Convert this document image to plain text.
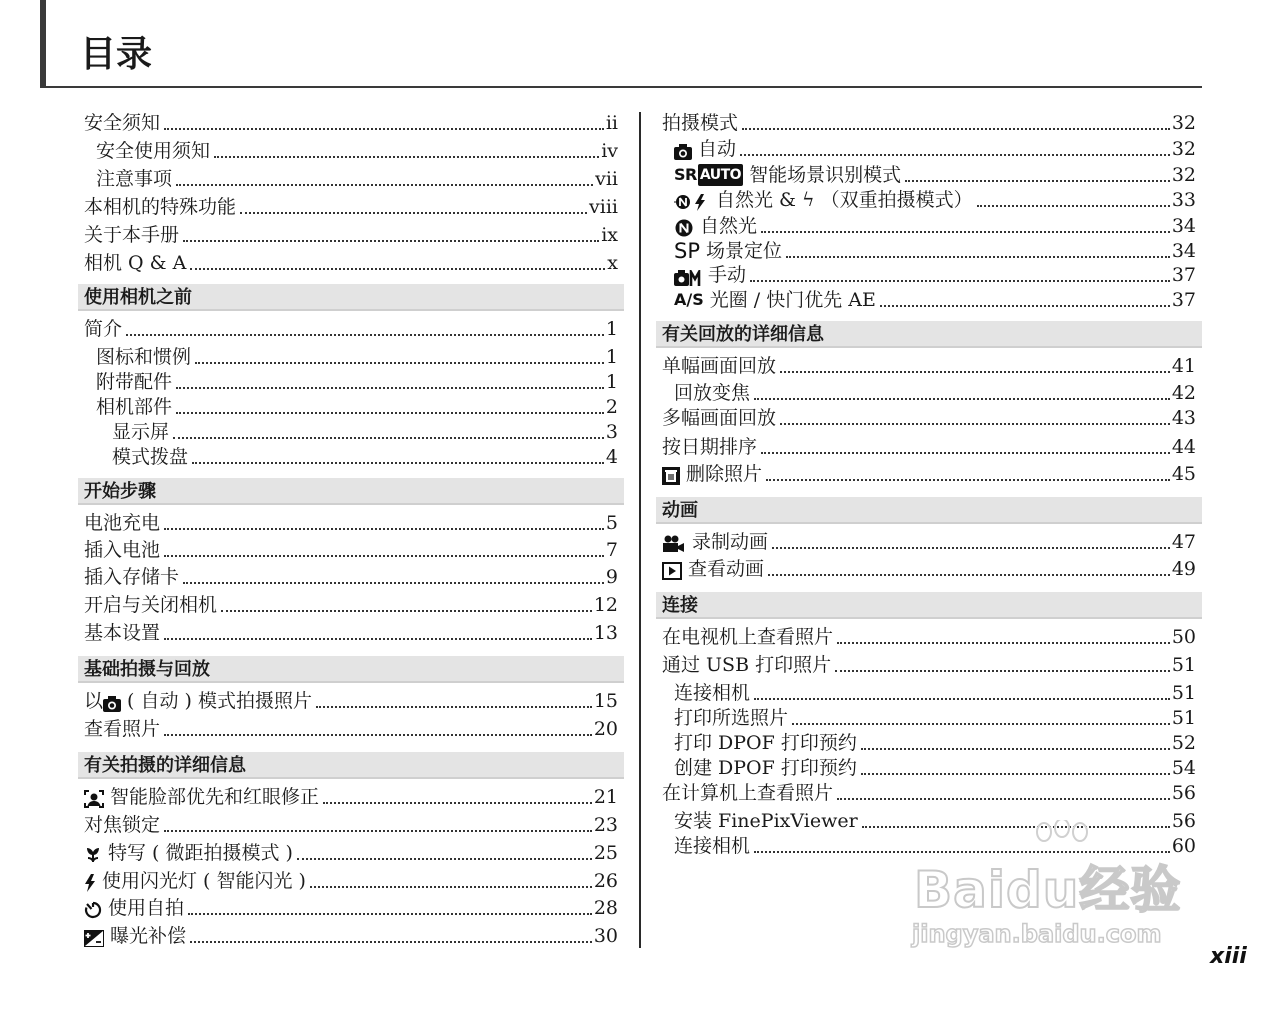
目录
安全须知	ii
安全使用须知	iv
注意事项	vii
本相机的特殊功能	viii
关于本手册	ix
相机 Q & A	x
使用相机之前
简介	1
图标和惯例	1
附带配件	1
相机部件	2
显示屏	3
模式拨盘	4
开始步骤
电池充电	5
插入电池	7
插入存储卡	9
开启与关闭相机	12
基本设置	13
基础拍摄与回放
以 ( 自动 ) 模式拍摄照片	15
查看照片	20
有关拍摄的详细信息
智能脸部优先和红眼修正	21
对焦锁定	23
特写 ( 微距拍摄模式 )	25
使用闪光灯 ( 智能闪光 )	26
使用自拍	28
曝光补偿	30
拍摄模式	32
自动	32
SR AUTO 智能场景识别模式	32
自然光 & ϟ （双重拍摄模式）	33
自然光	34
SP 场景定位	34
手动	37
A/S 光圈 / 快门优先 AE	37
有关回放的详细信息
单幅画面回放	41
回放变焦	42
多幅画面回放	43
按日期排序	44
删除照片	45
动画
录制动画	47
查看动画	49
连接
在电视机上查看照片	50
通过 USB 打印照片	51
连接相机	51
打印所选照片	51
打印 DPOF 打印预约	52
创建 DPOF 打印预约	54
在计算机上查看照片	56
安装 FinePixViewer	56
连接相机	60
xiii
Baidu经验
jingyan.baidu.com
